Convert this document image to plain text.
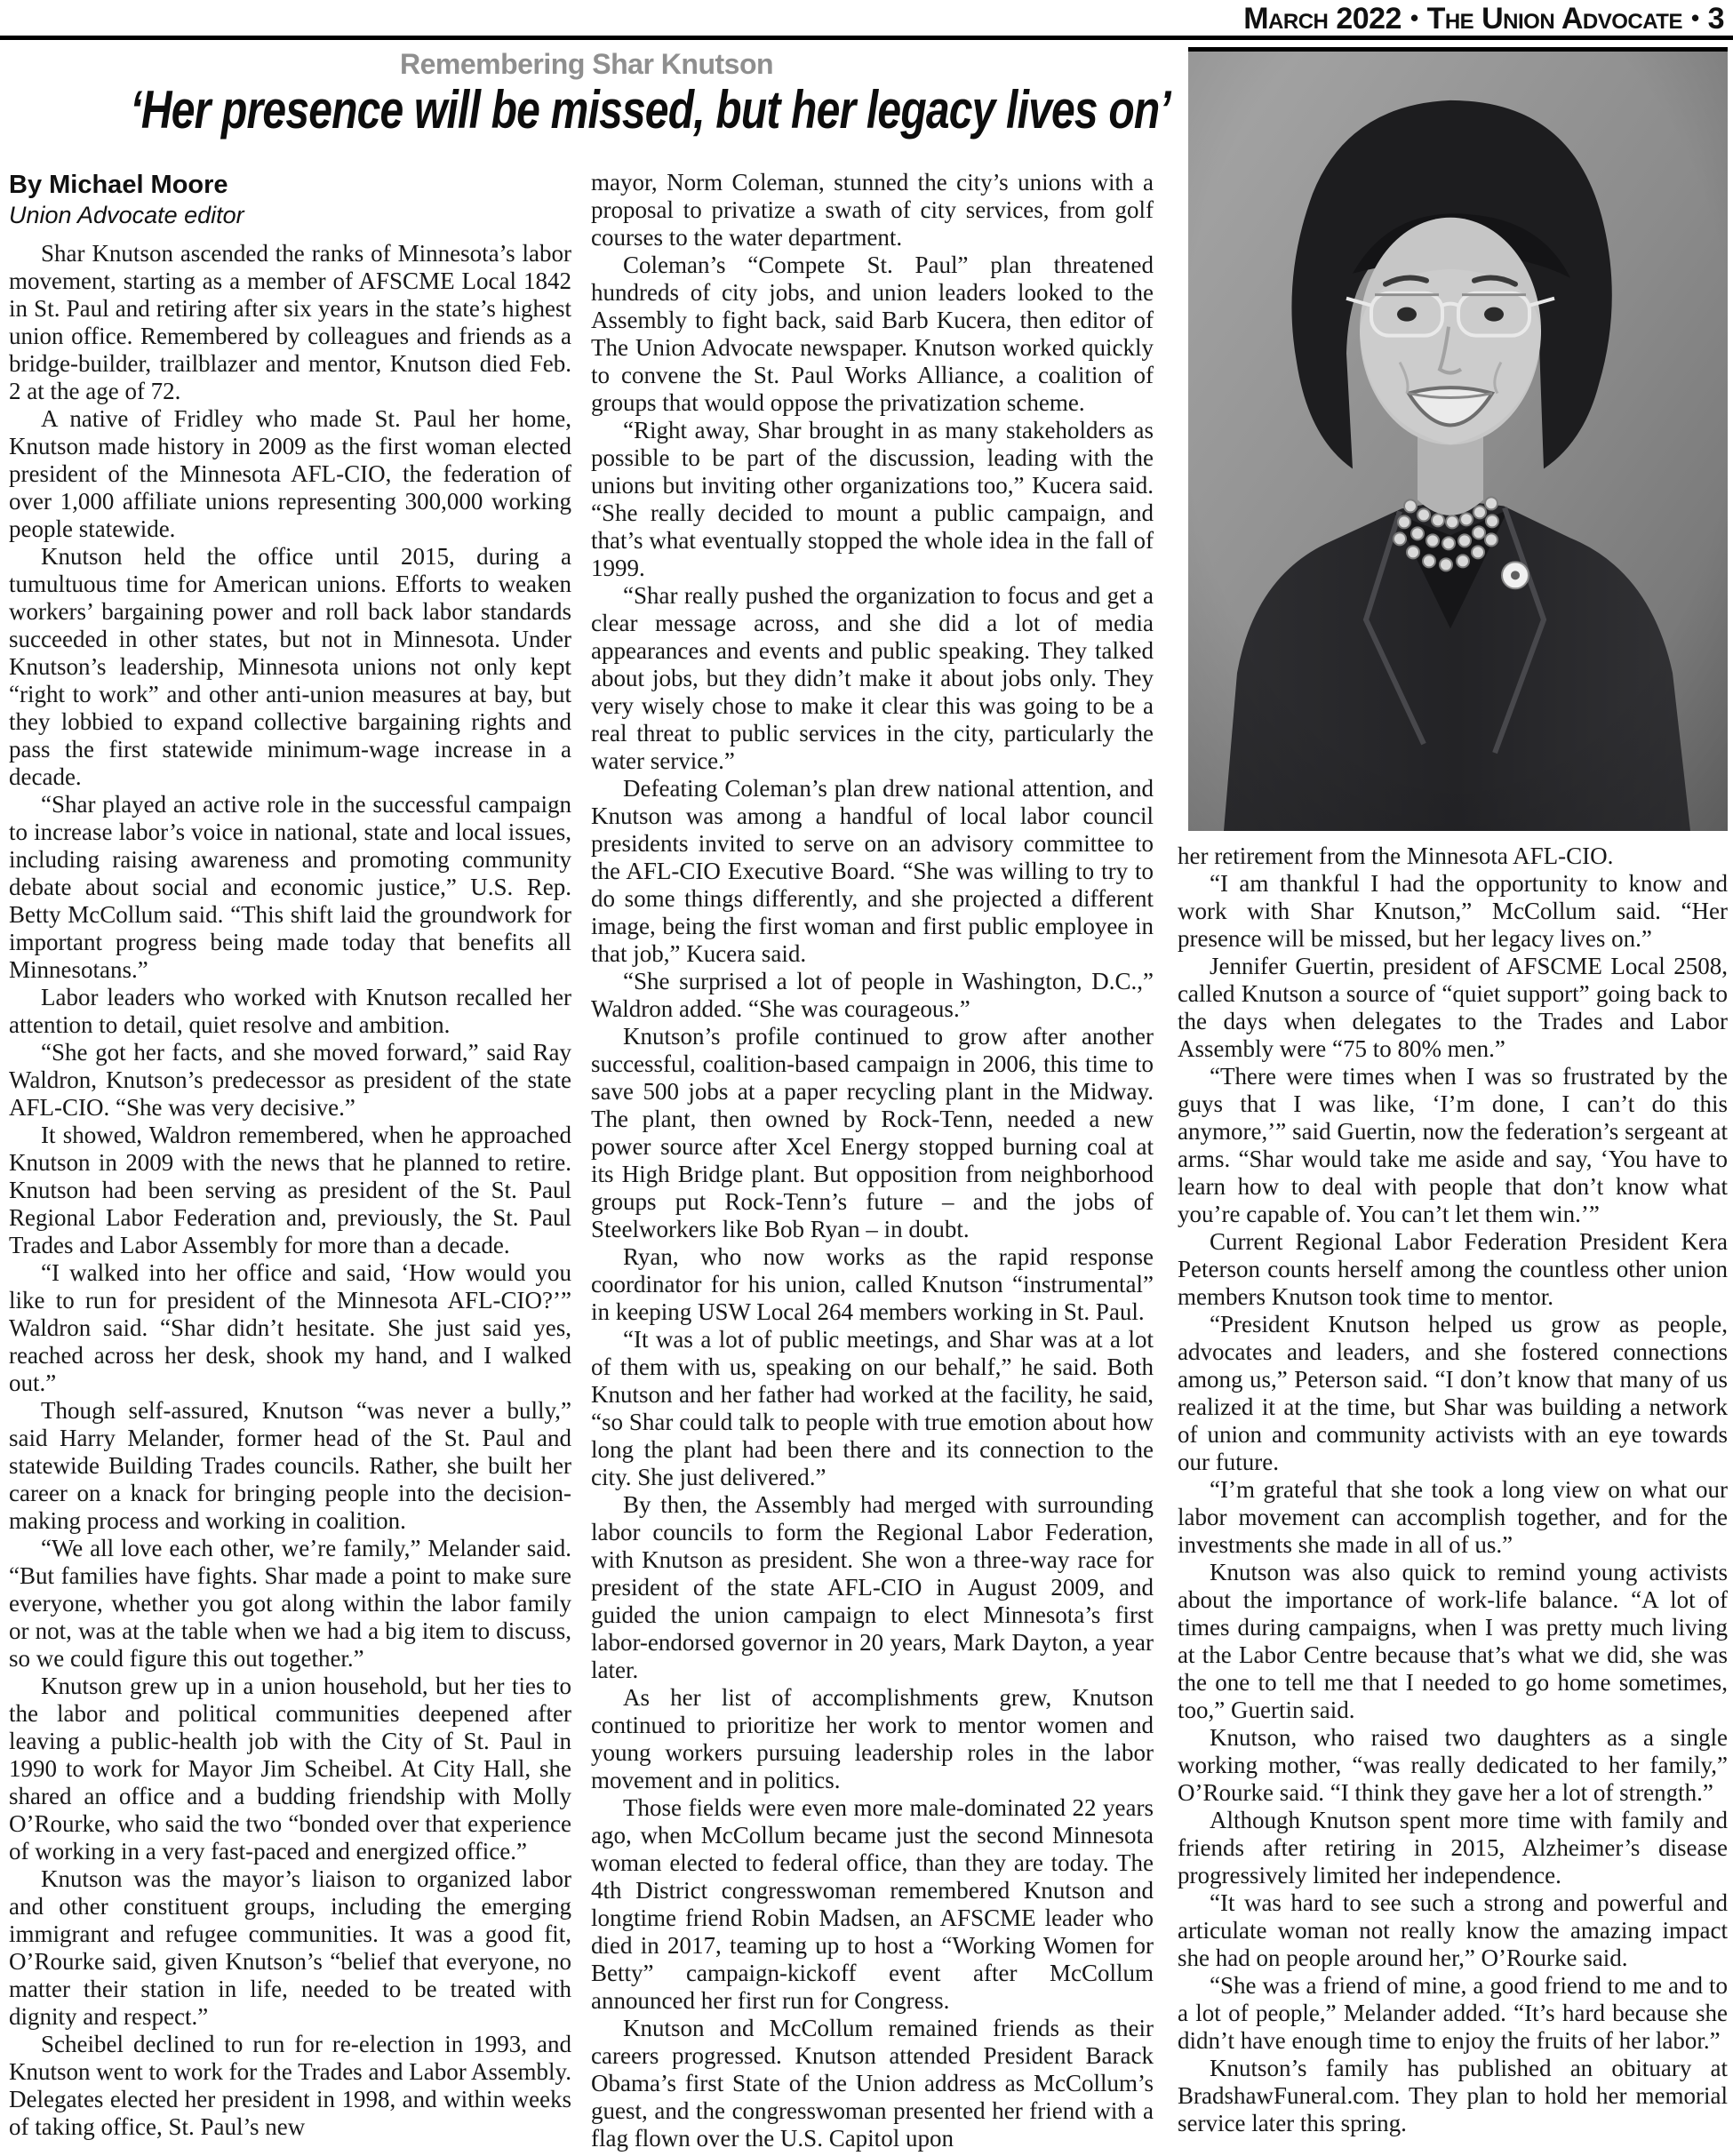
March 2022 • The Union Advocate • 3
Remembering Shar Knutson
‘Her presence will be missed, but her legacy lives on’
By Michael Moore
Union Advocate editor

Shar Knutson ascended the ranks of Minnesota’s labor movement, starting as a member of AFSCME Local 1842 in St. Paul and retiring after six years in the state’s highest union office. Remembered by colleagues and friends as a bridge-builder, trailblazer and mentor, Knutson died Feb. 2 at the age of 72.

A native of Fridley who made St. Paul her home, Knutson made history in 2009 as the first woman elected president of the Minnesota AFL-CIO, the federation of over 1,000 affiliate unions representing 300,000 working people statewide.

Knutson held the office until 2015, during a tumultuous time for American unions. Efforts to weaken workers’ bargaining power and roll back labor standards succeeded in other states, but not in Minnesota. Under Knutson’s leadership, Minnesota unions not only kept “right to work” and other anti-union measures at bay, but they lobbied to expand collective bargaining rights and pass the first statewide minimum-wage increase in a decade.

“Shar played an active role in the successful campaign to increase labor’s voice in national, state and local issues, including raising awareness and promoting community debate about social and economic justice,” U.S. Rep. Betty McCollum said. “This shift laid the groundwork for important progress being made today that benefits all Minnesotans.”

Labor leaders who worked with Knutson recalled her attention to detail, quiet resolve and ambition.

“She got her facts, and she moved forward,” said Ray Waldron, Knutson’s predecessor as president of the state AFL-CIO. “She was very decisive.”

It showed, Waldron remembered, when he approached Knutson in 2009 with the news that he planned to retire. Knutson had been serving as president of the St. Paul Regional Labor Federation and, previously, the St. Paul Trades and Labor Assembly for more than a decade.

“I walked into her office and said, ‘How would you like to run for president of the Minnesota AFL-CIO?’” Waldron said. “Shar didn’t hesitate. She just said yes, reached across her desk, shook my hand, and I walked out.”

Though self-assured, Knutson “was never a bully,” said Harry Melander, former head of the St. Paul and statewide Building Trades councils. Rather, she built her career on a knack for bringing people into the decision-making process and working in coalition.

“We all love each other, we’re family,” Melander said. “But families have fights. Shar made a point to make sure everyone, whether you got along within the labor family or not, was at the table when we had a big item to discuss, so we could figure this out together.”

Knutson grew up in a union household, but her ties to the labor and political communities deepened after leaving a public-health job with the City of St. Paul in 1990 to work for Mayor Jim Scheibel. At City Hall, she shared an office and a budding friendship with Molly O’Rourke, who said the two “bonded over that experience of working in a very fast-paced and energized office.”

Knutson was the mayor’s liaison to organized labor and other constituent groups, including the emerging immigrant and refugee communities. It was a good fit, O’Rourke said, given Knutson’s “belief that everyone, no matter their station in life, needed to be treated with dignity and respect.”

Scheibel declined to run for re-election in 1993, and Knutson went to work for the Trades and Labor Assembly. Delegates elected her president in 1998, and within weeks of taking office, St. Paul’s new

mayor, Norm Coleman, stunned the city’s unions with a proposal to privatize a swath of city services, from golf courses to the water department.

Coleman’s “Compete St. Paul” plan threatened hundreds of city jobs, and union leaders looked to the Assembly to fight back, said Barb Kucera, then editor of The Union Advocate newspaper. Knutson worked quickly to convene the St. Paul Works Alliance, a coalition of groups that would oppose the privatization scheme.

“Right away, Shar brought in as many stakeholders as possible to be part of the discussion, leading with the unions but inviting other organizations too,” Kucera said. “She really decided to mount a public campaign, and that’s what eventually stopped the whole idea in the fall of 1999.

“Shar really pushed the organization to focus and get a clear message across, and she did a lot of media appearances and events and public speaking. They talked about jobs, but they didn’t make it about jobs only. They very wisely chose to make it clear this was going to be a real threat to public services in the city, particularly the water service.”

Defeating Coleman’s plan drew national attention, and Knutson was among a handful of local labor council presidents invited to serve on an advisory committee to the AFL-CIO Executive Board. “She was willing to try to do some things differently, and she projected a different image, being the first woman and first public employee in that job,” Kucera said.

“She surprised a lot of people in Washington, D.C.,” Waldron added. “She was courageous.”

Knutson’s profile continued to grow after another successful, coalition-based campaign in 2006, this time to save 500 jobs at a paper recycling plant in the Midway. The plant, then owned by Rock-Tenn, needed a new power source after Xcel Energy stopped burning coal at its High Bridge plant. But opposition from neighborhood groups put Rock-Tenn’s future – and the jobs of Steelworkers like Bob Ryan – in doubt.

Ryan, who now works as the rapid response coordinator for his union, called Knutson “instrumental” in keeping USW Local 264 members working in St. Paul.

“It was a lot of public meetings, and Shar was at a lot of them with us, speaking on our behalf,” he said. Both Knutson and her father had worked at the facility, he said, “so Shar could talk to people with true emotion about how long the plant had been there and its connection to the city. She just delivered.”

By then, the Assembly had merged with surrounding labor councils to form the Regional Labor Federation, with Knutson as president. She won a three-way race for president of the state AFL-CIO in August 2009, and guided the union campaign to elect Minnesota’s first labor-endorsed governor in 20 years, Mark Dayton, a year later.

As her list of accomplishments grew, Knutson continued to prioritize her work to mentor women and young workers pursuing leadership roles in the labor movement and in politics.

Those fields were even more male-dominated 22 years ago, when McCollum became just the second Minnesota woman elected to federal office, than they are today. The 4th District congresswoman remembered Knutson and longtime friend Robin Madsen, an AFSCME leader who died in 2017, teaming up to host a “Working Women for Betty” campaign-kickoff event after McCollum announced her first run for Congress.

Knutson and McCollum remained friends as their careers progressed. Knutson attended President Barack Obama’s first State of the Union address as McCollum’s guest, and the congresswoman presented her friend with a flag flown over the U.S. Capitol upon

her retirement from the Minnesota AFL-CIO.

“I am thankful I had the opportunity to know and work with Shar Knutson,” McCollum said. “Her presence will be missed, but her legacy lives on.”

Jennifer Guertin, president of AFSCME Local 2508, called Knutson a source of “quiet support” going back to the days when delegates to the Trades and Labor Assembly were “75 to 80% men.”

“There were times when I was so frustrated by the guys that I was like, ‘I’m done, I can’t do this anymore,’” said Guertin, now the federation’s sergeant at arms. “Shar would take me aside and say, ‘You have to learn how to deal with people that don’t know what you’re capable of. You can’t let them win.’”

Current Regional Labor Federation President Kera Peterson counts herself among the countless other union members Knutson took time to mentor.

“President Knutson helped us grow as people, advocates and leaders, and she fostered connections among us,” Peterson said. “I don’t know that many of us realized it at the time, but Shar was building a network of union and community activists with an eye towards our future.

“I’m grateful that she took a long view on what our labor movement can accomplish together, and for the investments she made in all of us.”

Knutson was also quick to remind young activists about the importance of work-life balance. “A lot of times during campaigns, when I was pretty much living at the Labor Centre because that’s what we did, she was the one to tell me that I needed to go home sometimes, too,” Guertin said.

Knutson, who raised two daughters as a single working mother, “was really dedicated to her family,” O’Rourke said. “I think they gave her a lot of strength.”

Although Knutson spent more time with family and friends after retiring in 2015, Alzheimer’s disease progressively limited her independence.

“It was hard to see such a strong and powerful and articulate woman not really know the amazing impact she had on people around her,” O’Rourke said.

“She was a friend of mine, a good friend to me and to a lot of people,” Melander added. “It’s hard because she didn’t have enough time to enjoy the fruits of her labor.”

Knutson’s family has published an obituary at BradshawFuneral.com. They plan to hold her memorial service later this spring.
